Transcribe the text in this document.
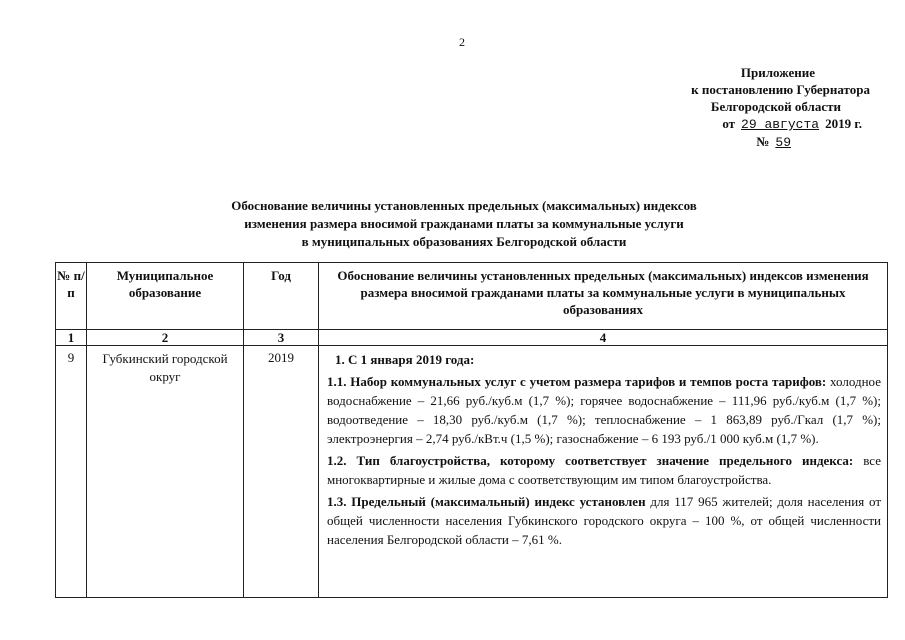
2
Приложение
к постановлению Губернатора
Белгородской области
от 29 августа 2019 г.
№ 59
Обоснование величины установленных предельных (максимальных) индексов
изменения размера вносимой гражданами платы за коммунальные услуги
в муниципальных образованиях Белгородской области
№ п/п	Муниципальное образование	Год	Обоснование величины установленных предельных (максимальных) индексов изменения размера вносимой гражданами платы за коммунальные услуги в муниципальных образованиях
1	2	3	4
9	Губкинский городской округ	2019	1. С 1 января 2019 года:

1.1. Набор коммунальных услуг с учетом размера тарифов и темпов роста тарифов: холодное водоснабжение – 21,66 руб./куб.м (1,7 %); горячее водоснабжение – 111,96 руб./куб.м (1,7 %); водоотведение – 18,30 руб./куб.м (1,7 %); теплоснабжение – 1 863,89 руб./Гкал (1,7 %); электроэнергия – 2,74 руб./кВт.ч (1,5 %); газоснабжение – 6 193 руб./1 000 куб.м (1,7 %).

1.2. Тип благоустройства, которому соответствует значение предельного индекса: все многоквартирные и жилые дома с соответствующим им типом благоустройства.

1.3. Предельный (максимальный) индекс установлен для 117 965 жителей; доля населения от общей численности населения Губкинского городского округа – 100 %, от общей численности населения Белгородской области – 7,61 %.
